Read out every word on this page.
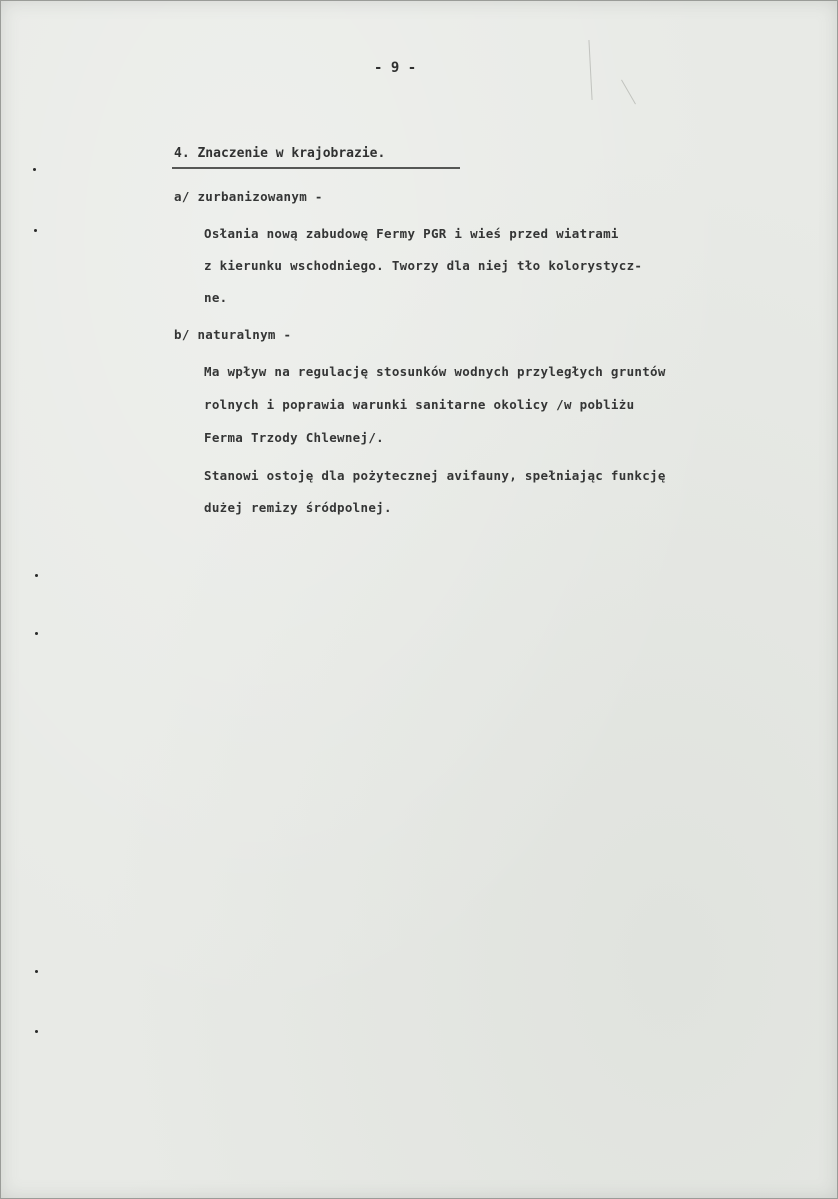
- 9 -
4. Znaczenie w krajobrazie.
a/ zurbanizowanym -
Osłania nową zabudowę Fermy PGR i wieś przed wiatrami
z kierunku wschodniego. Tworzy dla niej tło kolorystycz-
ne.
b/ naturalnym -
Ma wpływ na regulację stosunków wodnych przyległych gruntów
rolnych i poprawia warunki sanitarne okolicy /w pobliżu
Ferma Trzody Chlewnej/.
Stanowi ostoję dla pożytecznej avifauny, spełniając funkcję
dużej remizy śródpolnej.
